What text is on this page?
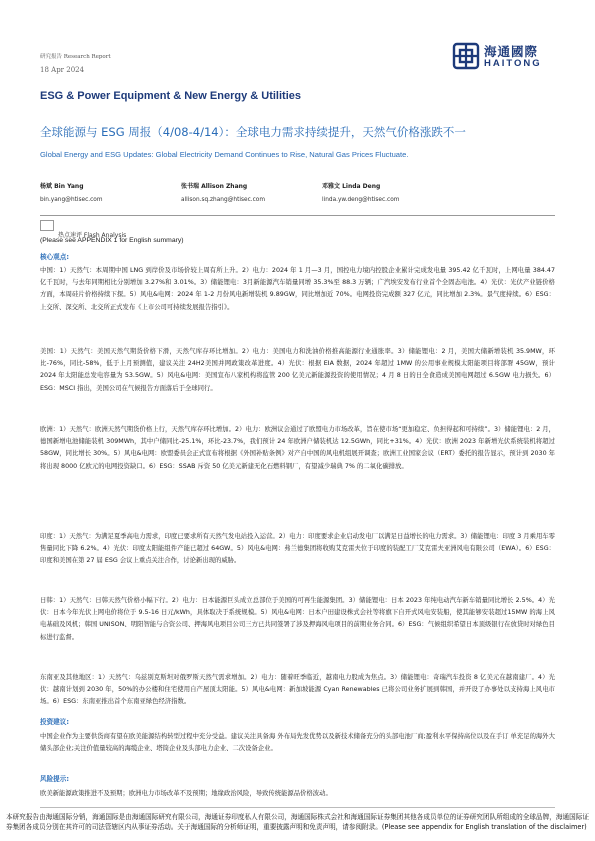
研究报告 Research Report
18 Apr 2024
海通國際
HAITONG
ESG & Power Equipment & New Energy & Utilities
全球能源与 ESG 周报（4/08-4/14）：全球电力需求持续提升，天然气价格涨跌不一
Global Energy and ESG Updates: Global Electricity Demand Continues to Rise, Natural Gas Prices Fluctuate.
杨斌 Bin Yang
bin.yang@htisec.com
张书瑞 Allison Zhang
allison.sq.zhang@htisec.com
邓雅文 Linda Deng
linda.yw.deng@htisec.com
热点速评 Flash Analysis
(Please see APPENDIX 1 for English summary)
核心观点:
中国：1）天然气：本周期中国 LNG 到岸价及市场价较上周有所上升。2）电力：2024 年 1 月—3 月，国控电力境内控股企业累计完成发电量 395.42 亿千瓦时，上网电量 384.47 亿千瓦时，与去年同期相比分别增加 3.27%和 3.01%。3）储能锂电：3月新能源汽车销量同增 35.3%至 88.3 万辆；广汽埃安发布行业首个全固态电池。4）光伏：光伏产业链价格方面，本周硅片价格持续下探。5）风电&电网：2024 年 1-2 月份风电新增装机 9.89GW，同比增加近 70%。电网投资完成额 327 亿元，同比增加 2.3%。景气度持续。6）ESG：上交所、深交所、北交所正式发布《上市公司可持续发展报告指引》。
美国：1）天然气：美国天然气期货价格下滑，天然气库存环比增加。2）电力：美国电力和洗油价格推高能源行业通胀率。3）储能锂电：2 月，美国大储新增装机 35.9MW，环比-76%，同比-58%，低于上月预测值，建议关注 24H2美国并网政策改革进度。4）光伏：根据 EIA 数据，2024 年超过 1MW 的公用事业规模太阳能项目将部署 45GW，预计 2024 年太阳能总发电容量为 53.5GW。5）风电&电网：美国宣布八家机构将监管 200 亿美元新能源投资的使用情况；4 月 8 日的日全食造成美国电网超过 6.5GW 电力损失。6）ESG：MSCI 指出，美国公司在气候报告方面落后于全球同行。
欧洲：1）天然气：欧洲天然气期货价格上行，天然气库存环比增加。2）电力：欧洲议会通过了欧盟电力市场改革，旨在使市场“更加稳定、负担得起和可持续”。3）储能锂电：2 月，德国新增电池储能装机 309MWh，其中户储同比-25.1%，环比-23.7%，我们预计 24 年欧洲户储装机达 12.5GWh，同比+31%。4）光伏：欧洲 2023 年新增光伏系统装机将超过 58GW，同比增长 30%。5）风电&电网：欧盟委员会正式宣布将根据《外国补贴条例》对产自中国的风电机组展开调查；欧洲工业国家会议（ERT）委托的报告显示，预计到 2030 年将出现 8000 亿欧元的电网投资缺口。6）ESG：SSAB 斥资 50 亿美元新建无化石燃料钢厂，有望减少瑞典 7% 的二氧化碳排放。
印度：1）天然气：为满足夏季高电力需求，印度已要求所有天然气发电站投入运营。2）电力：印度要求企业启动发电厂以满足日益增长的电力需求。3）储能锂电：印度 3 月乘用车零售量同比下降 6.2%。4）光伏：印度太阳能组件产能已超过 64GW。5）风电&电网：弗兰德集团将收购艾克雷夫位于印度的装配工厂艾克雷夫亚洲风电有限公司（EWA）。6）ESG：印度和美国在第 27 届 ESG 会议上重点关注合作，讨论新出现的威胁。
日韩：1）天然气：日韩天然气价格小幅下行。2）电力：日本能源巨头成立总部位于美国的可再生能源集团。3）储能锂电：日本 2023 年纯电动汽车新车销量同比增长 2.5%。4）光伏：日本今年光伏上网电价将位于 9.5-16 日元/kWh，具体取决于系统规模。5）风电&电网：日本户田建设株式会社等将旗下自开式风电安装船，使其能够安装超过15MW 的海上风电基础及风机；韩国 UNISON、明阳智能与合资公司、押海风电项目公司三方已共同签署了涉及押海风电项目的前期业务合同。6）ESG：气候组织希望日本顶级银行在放贷时对绿色目标进行监督。
东南亚及其他地区：1）天然气：乌兹别克斯坦对俄罗斯天然气需求增加。2）电力：随着旺季临近，越南电力股成为焦点。3）储能锂电：奇瑞汽车投资 8 亿美元在越南建厂。4）光伏：越南计划到 2030 年，50%的办公楼和住宅使用自产屋顶太阳能。5）风电&电网：新加坡能源 Cyan Renewables 已将公司业务扩展到韩国，并开设了办事处以支持海上风电市场。6）ESG：东南亚推出首个东南亚绿色经济指数。
投资建议:
中国企业作为主要供货商有望在欧美能源结构转型过程中充分受益。建议关注具备海 外布局先发优势以及新技术储备充分的头部电池厂商;盈利水平保持高位以及在手订 单充足的海外大储头部企业;关注价值量较高的海缆企业、塔筒企业及头部电力企业、二次设备企业。
风险提示:
欧美新能源政策推进不及预期；欧洲电力市场改革不及预期；地缘政治风险，导致传统能源品价格波动。
本研究报告由海通国际分销，海通国际是由海通国际研究有限公司，海通证券印度私人有限公司，海通国际株式会社和海通国际证券集团其他各成员单位的证券研究团队所组成的全球品牌，海通国际证券集团各成员分别在其许可的司法管辖区内从事证券活动。关于海通国际的分析师证明，重要披露声明和免责声明，请参阅附录。(Please see appendix for English translation of the disclaimer)
